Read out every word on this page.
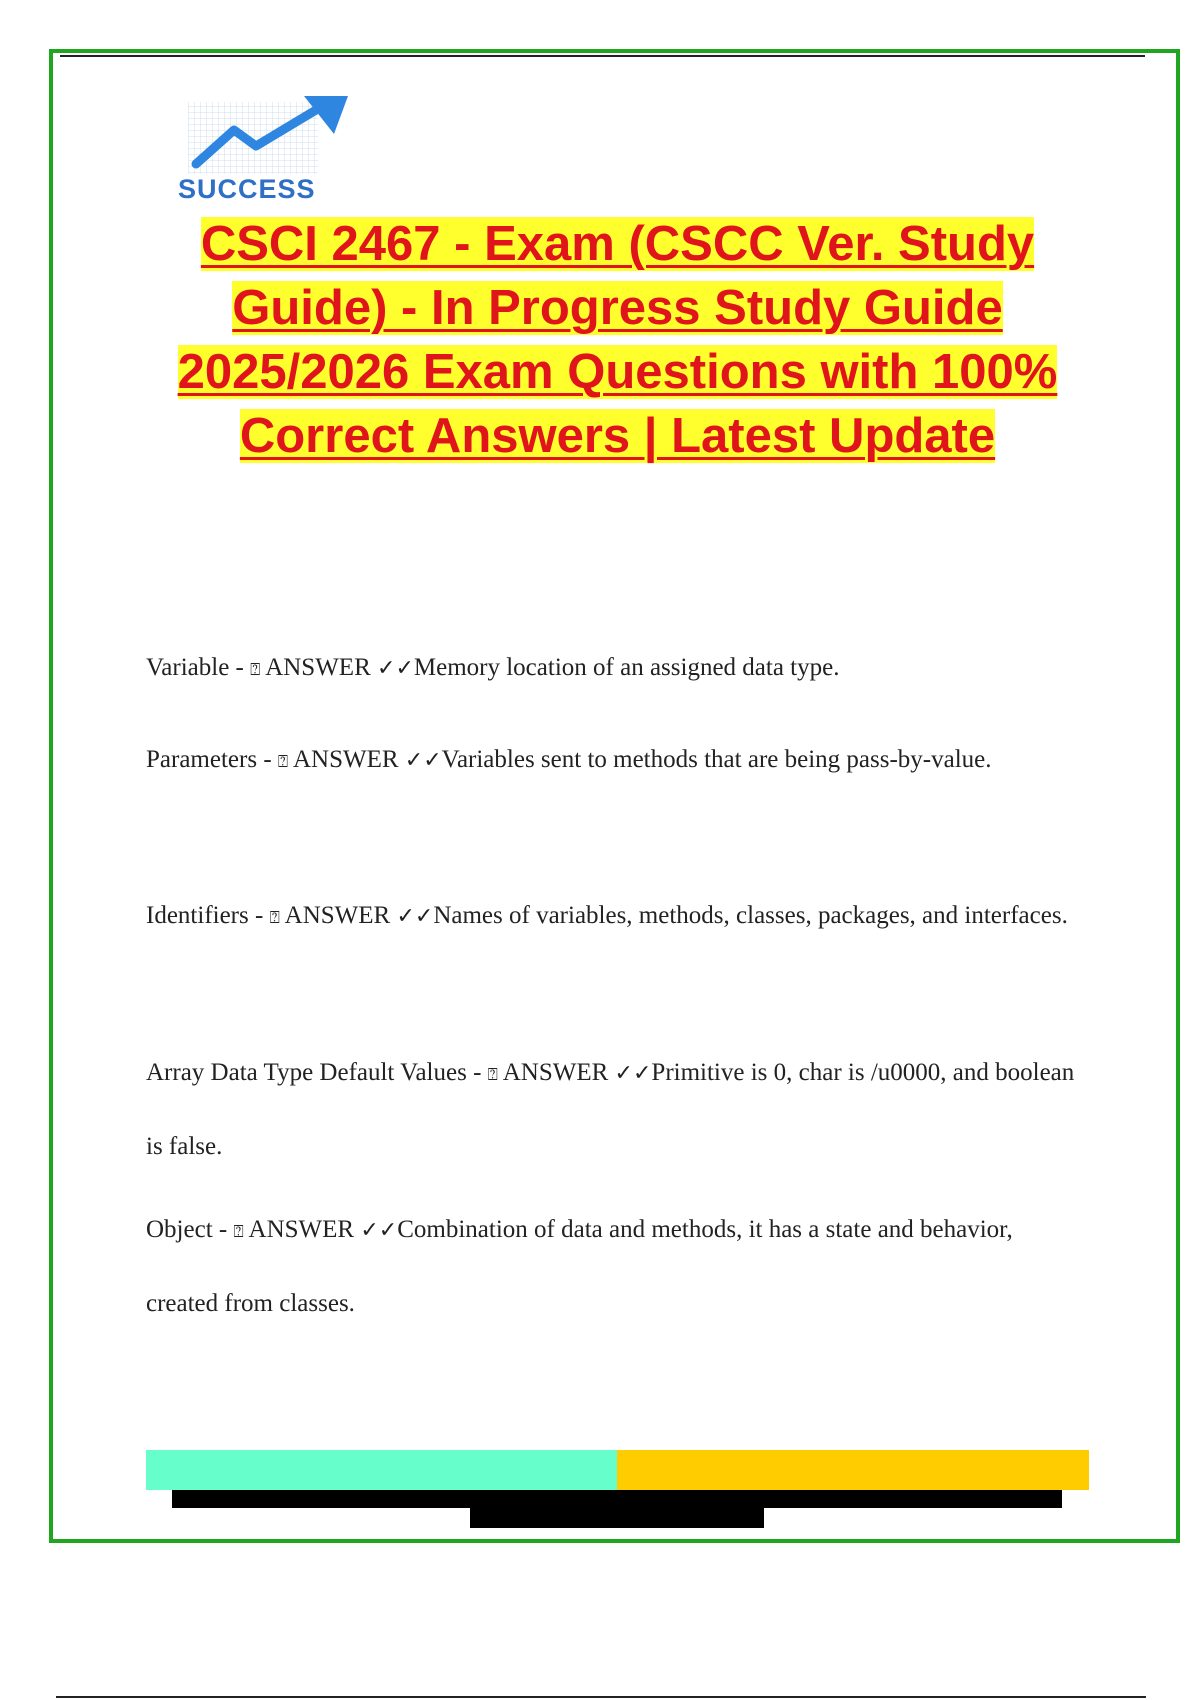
SUCCESS
CSCI 2467 - Exam (CSCC Ver. Study Guide) - In Progress Study Guide 2025/2026 Exam Questions with 100% Correct Answers | Latest Update
Variable - ⍰ ANSWER ✓✓Memory location of an assigned data type.
Parameters - ⍰ ANSWER ✓✓Variables sent to methods that are being pass-by-value.
Identifiers - ⍰ ANSWER ✓✓Names of variables, methods, classes, packages, and interfaces.
Array Data Type Default Values - ⍰ ANSWER ✓✓Primitive is 0, char is /u0000, and boolean is false.
Object - ⍰ ANSWER ✓✓Combination of data and methods, it has a state and behavior, created from classes.
